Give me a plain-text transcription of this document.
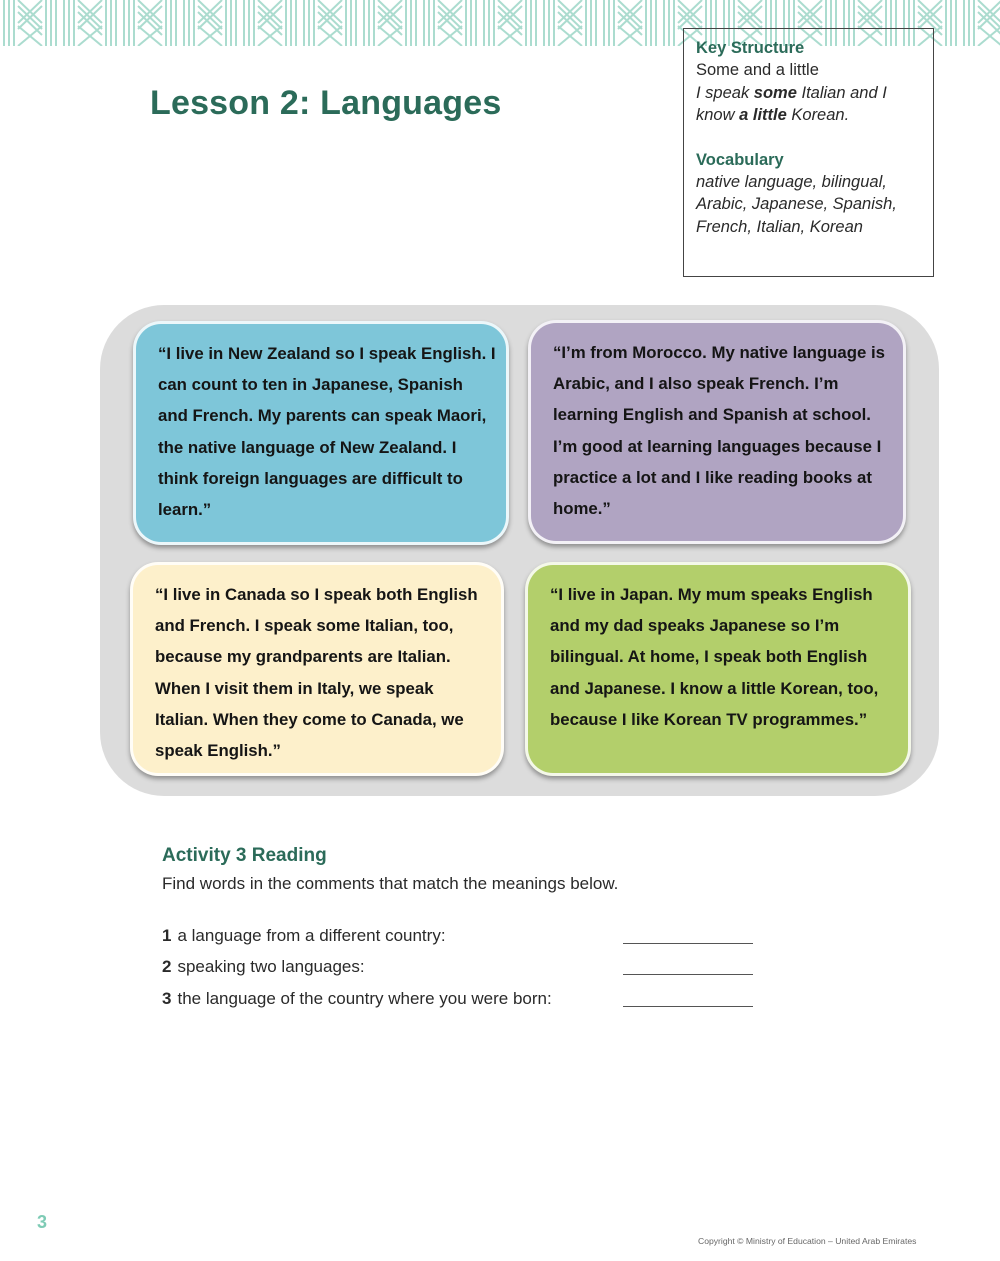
Lesson 2: Languages
Key Structure
Some and a little
I speak some Italian and I know a little Korean.
Vocabulary
native language, bilingual, Arabic, Japanese, Spanish, French, Italian, Korean
“I live in New Zealand so I speak English. I can count to ten in Japanese, Spanish and French. My parents can speak Maori, the native language of New Zealand. I think foreign languages are difficult to learn.”
“I’m from Morocco. My native language is Arabic, and I also speak French. I’m learning English and Spanish at school. I’m good at learning languages because I practice a lot and I like reading books at home.”
“I live in Canada so I speak both English and French. I speak some Italian, too, because my grandparents are Italian. When I visit them in Italy, we speak Italian. When they come to Canada, we speak English.”
“I live in Japan. My mum speaks English and my dad speaks Japanese so I’m bilingual. At home, I speak both English and Japanese. I know a little Korean, too, because I like Korean TV programmes.”
Activity 3 Reading
Find words in the comments that match the meanings below.
1 a language from a different country:
2 speaking two languages:
3 the language of the country where you were born:
3
Copyright © Ministry of Education – United Arab Emirates
